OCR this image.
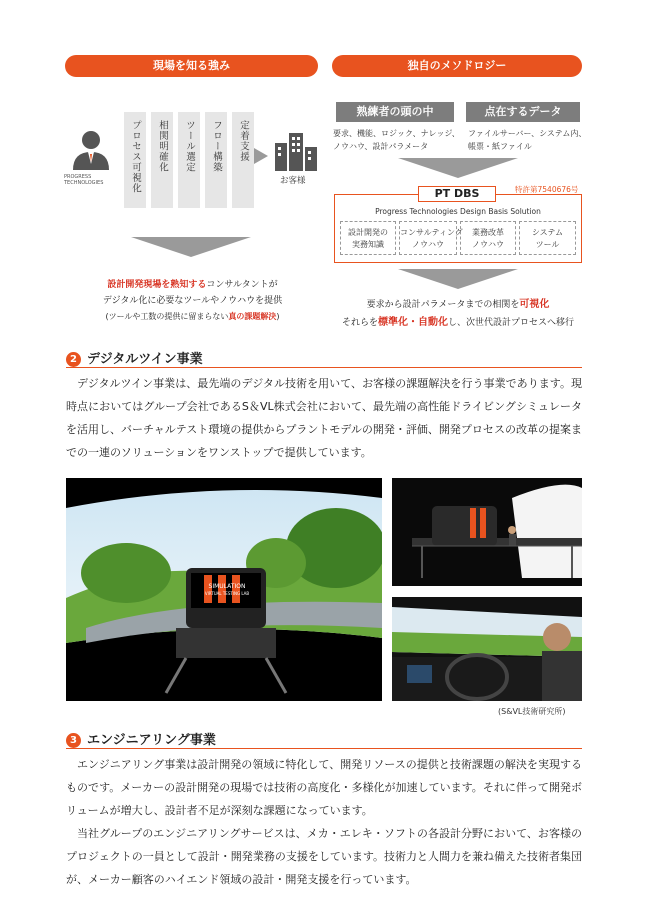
現場を知る強み
PROGRESS
TECHNOLOGIES	プロセス可視化	相関明確化	ツール選定	フロー構築	定着支援
お客様
設計開発現場を熟知するコンサルタントが
デジタル化に必要なツールやノウハウを提供
(ツールや工数の提供に留まらない真の課題解決)
独自のメソドロジー
熟練者の頭の中
要求、機能、ロジック、ナレッジ、
ノウハウ、設計パラメータ
点在するデータ
ファイルサーバー、システム内、
帳票・紙ファイル
PT DBS	特許第7540676号
Progress Technologies Design Basis Solution
設計開発の
実務知識
コンサルティング
ノウハウ
業務改革
ノウハウ
システム
ツール
要求から設計パラメータまでの相関を可視化
それらを標準化・自動化し、次世代設計プロセスへ移行
2 デジタルツイン事業
　デジタルツイン事業は、最先端のデジタル技術を用いて、お客様の課題解決を行う事業であります。現時点においてはグループ会社であるS＆VL株式会社において、最先端の高性能ドライビングシミュレータを活用し、バーチャルテスト環境の提供からプラントモデルの開発・評価、開発プロセスの改革の提案までの一連のソリューションをワンストップで提供しています。
SIMULATION
VIRTUAL TESTING LAB
(S&VL技術研究所)
3 エンジニアリング事業
　エンジニアリング事業は設計開発の領域に特化して、開発リソースの提供と技術課題の解決を実現するものです。メーカーの設計開発の現場では技術の高度化・多様化が加速しています。それに伴って開発ボリュームが増大し、設計者不足が深刻な課題になっています。
　当社グループのエンジニアリングサービスは、メカ・エレキ・ソフトの各設計分野において、お客様のプロジェクトの一員として設計・開発業務の支援をしています。技術力と人間力を兼ね備えた技術者集団が、メーカー顧客のハイエンド領域の設計・開発支援を行っています。
